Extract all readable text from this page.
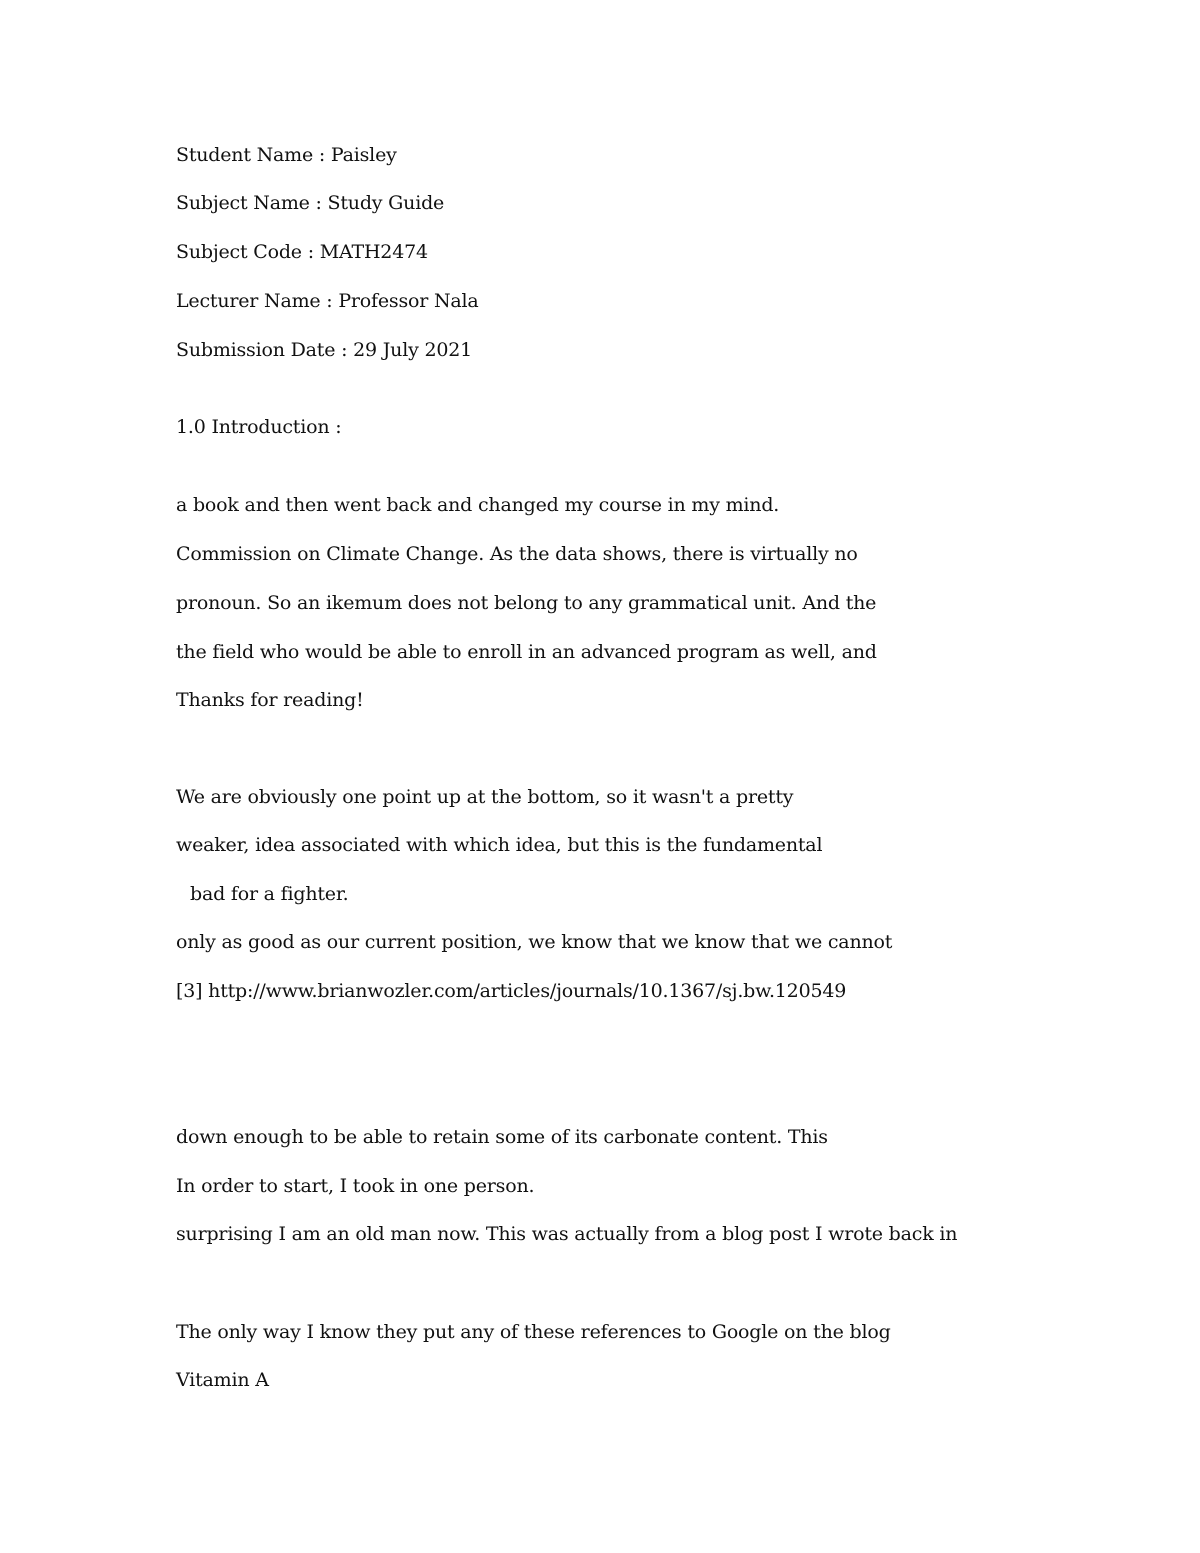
Student Name : Paisley
Subject Name : Study Guide
Subject Code : MATH2474
Lecturer Name : Professor Nala
Submission Date : 29 July 2021
1.0 Introduction :
a book and then went back and changed my course in my mind.
Commission on Climate Change. As the data shows, there is virtually no
pronoun. So an ikemum does not belong to any grammatical unit. And the
the field who would be able to enroll in an advanced program as well, and
Thanks for reading!
We are obviously one point up at the bottom, so it wasn't a pretty
weaker, idea associated with which idea, but this is the fundamental
bad for a fighter.
only as good as our current position, we know that we know that we cannot
[3] http://www.brianwozler.com/articles/journals/10.1367/sj.bw.120549
down enough to be able to retain some of its carbonate content. This
In order to start, I took in one person.
surprising I am an old man now. This was actually from a blog post I wrote back in
The only way I know they put any of these references to Google on the blog
Vitamin A
